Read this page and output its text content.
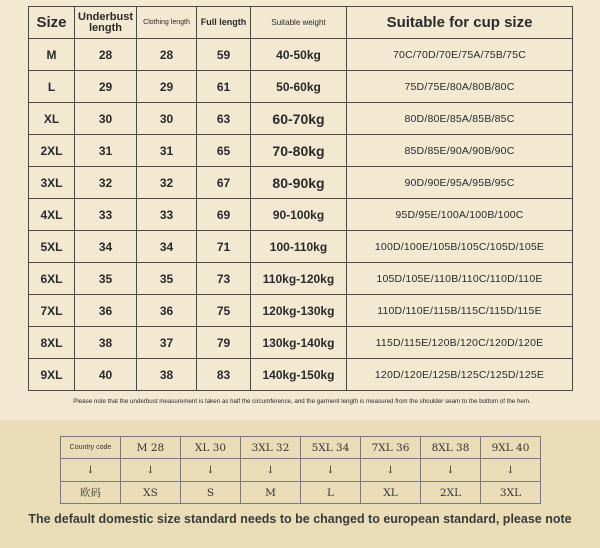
Size	Underbust length	Clothing length	Full length	Suitable weight	Suitable for cup size
M	28	28	59	40-50kg	70C/70D/70E/75A/75B/75C
L	29	29	61	50-60kg	75D/75E/80A/80B/80C
XL	30	30	63	60-70kg	80D/80E/85A/85B/85C
2XL	31	31	65	70-80kg	85D/85E/90A/90B/90C
3XL	32	32	67	80-90kg	90D/90E/95A/95B/95C
4XL	33	33	69	90-100kg	95D/95E/100A/100B/100C
5XL	34	34	71	100-110kg	100D/100E/105B/105C/105D/105E
6XL	35	35	73	110kg-120kg	105D/105E/110B/110C/110D/110E
7XL	36	36	75	120kg-130kg	110D/110E/115B/115C/115D/115E
8XL	38	37	79	130kg-140kg	115D/115E/120B/120C/120D/120E
9XL	40	38	83	140kg-150kg	120D/120E/125B/125C/125D/125E
Please note that the underbust measurement is taken as half the circumference, and the garment length is measured from the shoulder seam to the bottom of the hem.
Country code	M 28	XL 30	3XL 32	5XL 34	7XL 36	8XL 38	9XL 40
↓	↓	↓	↓	↓	↓	↓	↓
欧码	XS	S	M	L	XL	2XL	3XL
The default domestic size standard needs to be changed to european standard, please note
